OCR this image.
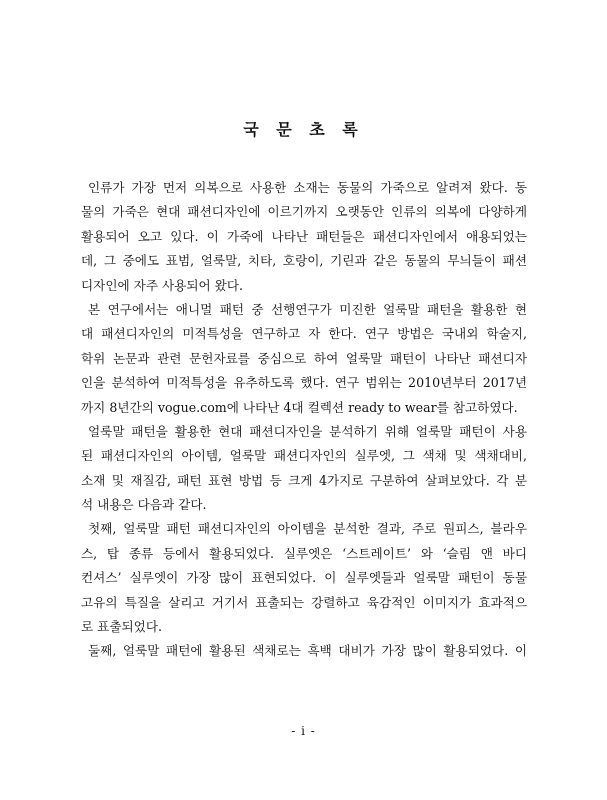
국 문 초 록
인류가 가장 먼저 의복으로 사용한 소재는 동물의 가죽으로 알려져 왔다. 동
물의 가죽은 현대 패션디자인에 이르기까지 오랫동안 인류의 의복에 다양하게
활용되어 오고 있다. 이 가죽에 나타난 패턴들은 패션디자인에서 애용되었는
데, 그 중에도 표범, 얼룩말, 치타, 호랑이, 기린과 같은 동물의 무늬들이 패션
디자인에 자주 사용되어 왔다.
본 연구에서는 애니멀 패턴 중 선행연구가 미진한 얼룩말 패턴을 활용한 현
대 패션디자인의 미적특성을 연구하고 자 한다. 연구 방법은 국내외 학술지,
학위 논문과 관련 문헌자료를 중심으로 하여 얼룩말 패턴이 나타난 패션디자
인을 분석하여 미적특성을 유추하도록 했다. 연구 범위는 2010년부터 2017년
까지 8년간의 vogue.com에 나타난 4대 컬렉션 ready to wear를 참고하였다.
얼룩말 패턴을 활용한 현대 패션디자인을 분석하기 위해 얼룩말 패턴이 사용
된 패션디자인의 아이템, 얼룩말 패션디자인의 실루엣, 그 색채 및 색채대비,
소재 및 재질감, 패턴 표현 방법 등 크게 4가지로 구분하여 살펴보았다. 각 분
석 내용은 다음과 같다.
첫째, 얼룩말 패턴 패션디자인의 아이템을 분석한 결과, 주로 원피스, 블라우
스, 탑 종류 등에서 활용되었다. 실루엣은 ‘스트레이트’ 와 ‘슬림 앤 바디
컨셔스’ 실루엣이 가장 많이 표현되었다. 이 실루엣들과 얼룩말 패턴이 동물
고유의 특질을 살리고 거기서 표출되는 강렬하고 육감적인 이미지가 효과적으
로 표출되었다.
둘째, 얼룩말 패턴에 활용된 색채로는 흑백 대비가 가장 많이 활용되었다. 이
- i -
